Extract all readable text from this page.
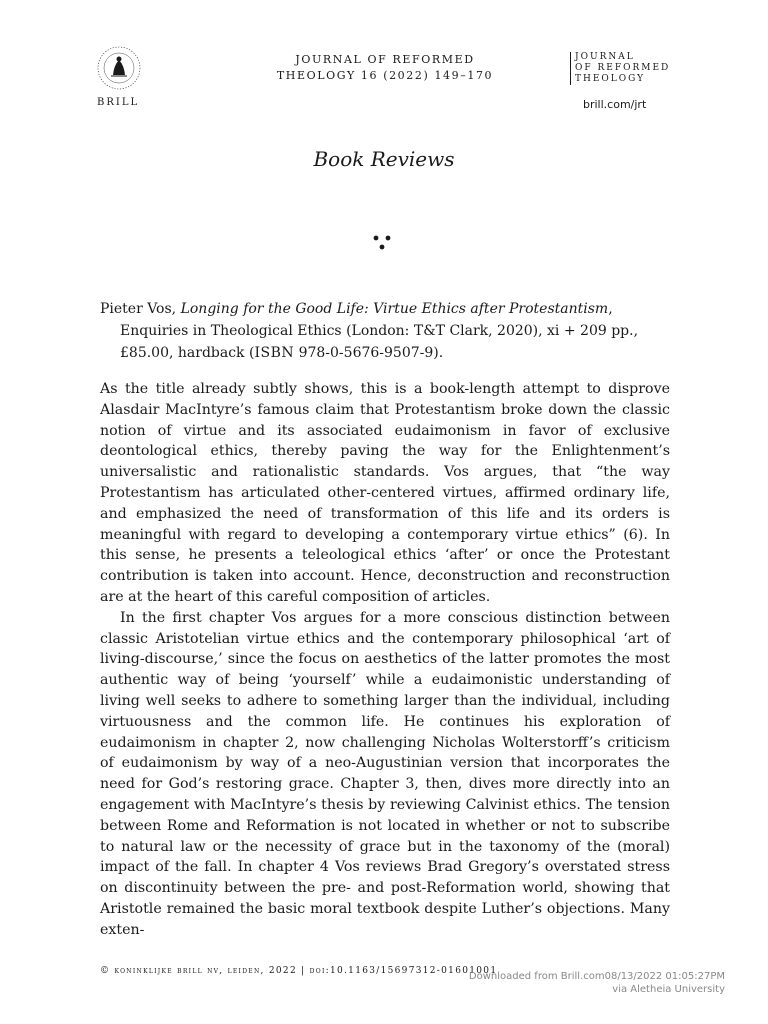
BRILL
JOURNAL OF REFORMED
THEOLOGY 16 (2022) 149–170
JOURNAL
OF REFORMED
THEOLOGY
brill.com/jrt
Book Reviews
Pieter Vos, Longing for the Good Life: Virtue Ethics after Protestantism, Enquiries in Theological Ethics (London: T&T Clark, 2020), xi + 209 pp., £85.00, hardback (ISBN 978-0-5676-9507-9).

As the title already subtly shows, this is a book-length attempt to disprove Alasdair MacIntyre’s famous claim that Protestantism broke down the classic notion of virtue and its associated eudaimonism in favor of exclusive deontological ethics, thereby paving the way for the Enlightenment’s universalistic and rationalistic standards. Vos argues, that “the way Protestantism has articulated other-centered virtues, affirmed ordinary life, and emphasized the need of transformation of this life and its orders is meaningful with regard to developing a contemporary virtue ethics” (6). In this sense, he presents a teleological ethics ‘after’ or once the Protestant contribution is taken into account. Hence, deconstruction and reconstruction are at the heart of this careful composition of articles.

In the first chapter Vos argues for a more conscious distinction between classic Aristotelian virtue ethics and the contemporary philosophical ‘art of living-discourse,’ since the focus on aesthetics of the latter promotes the most authentic way of being ‘yourself’ while a eudaimonistic understanding of living well seeks to adhere to something larger than the individual, including virtuousness and the common life. He continues his exploration of eudaimonism in chapter 2, now challenging Nicholas Wolterstorff’s criticism of eudaimonism by way of a neo-Augustinian version that incorporates the need for God’s restoring grace. Chapter 3, then, dives more directly into an engagement with MacIntyre’s thesis by reviewing Calvinist ethics. The tension between Rome and Reformation is not located in whether or not to subscribe to natural law or the necessity of grace but in the taxonomy of the (moral) impact of the fall. In chapter 4 Vos reviews Brad Gregory’s overstated stress on discontinuity between the pre- and post-Reformation world, showing that Aristotle remained the basic moral textbook despite Luther’s objections. Many exten-

© koninklijke brill nv, leiden, 2022 | doi:10.1163/15697312-01601001
Downloaded from Brill.com08/13/2022 01:05:27PM
via Aletheia University
